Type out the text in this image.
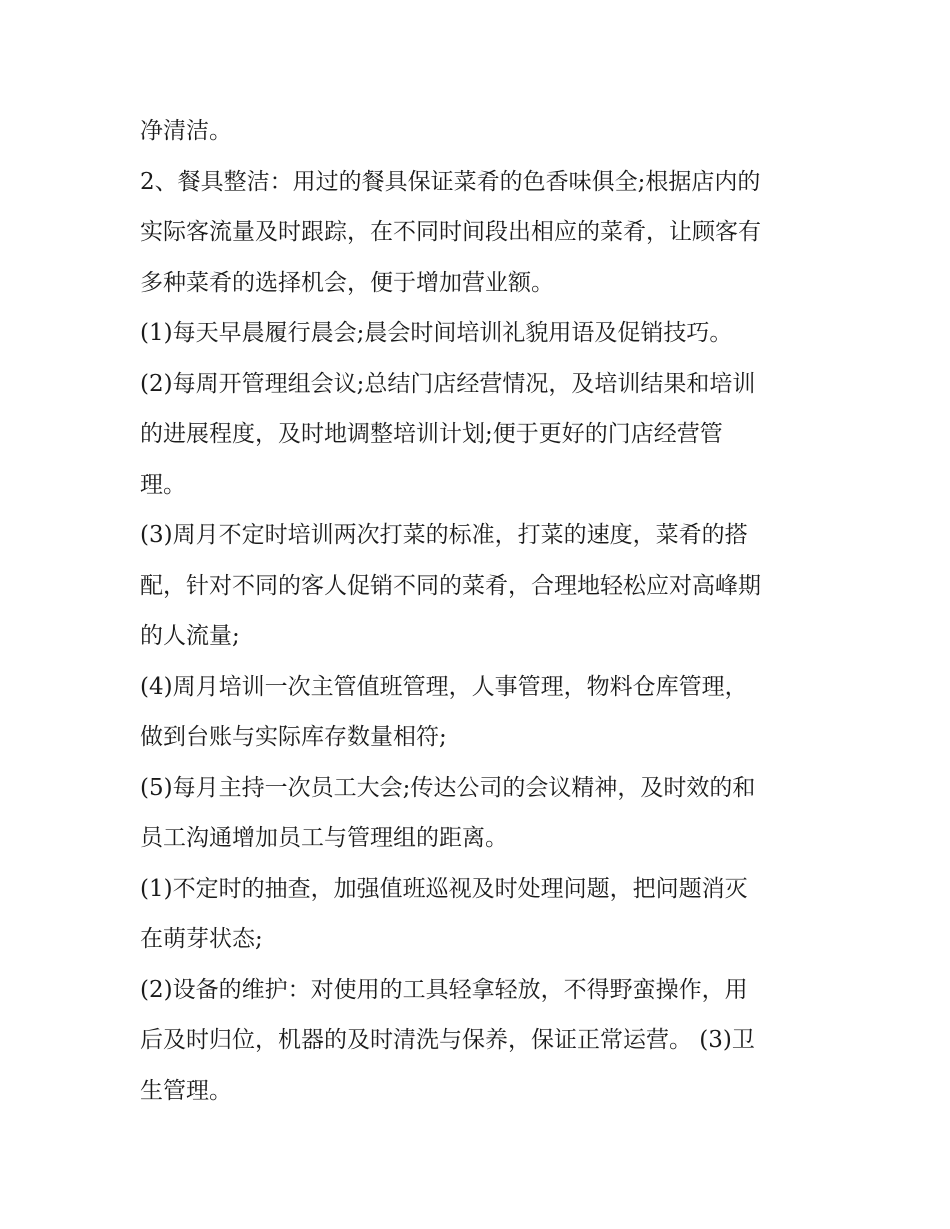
净清洁。
2、餐具整洁：用过的餐具保证菜肴的色香味俱全;根据店内的
实际客流量及时跟踪，在不同时间段出相应的菜肴，让顾客有
多种菜肴的选择机会，便于增加营业额。
(1)每天早晨履行晨会;晨会时间培训礼貌用语及促销技巧。
(2)每周开管理组会议;总结门店经营情况，及培训结果和培训
的进展程度，及时地调整培训计划;便于更好的门店经营管
理。
(3)周月不定时培训两次打菜的标准，打菜的速度，菜肴的搭
配，针对不同的客人促销不同的菜肴，合理地轻松应对高峰期
的人流量;
(4)周月培训一次主管值班管理，人事管理，物料仓库管理，
做到台账与实际库存数量相符;
(5)每月主持一次员工大会;传达公司的会议精神，及时效的和
员工沟通增加员工与管理组的距离。
(1)不定时的抽查，加强值班巡视及时处理问题，把问题消灭
在萌芽状态;
(2)设备的维护：对使用的工具轻拿轻放，不得野蛮操作，用
后及时归位，机器的及时清洗与保养，保证正常运营。 (3)卫
生管理。
